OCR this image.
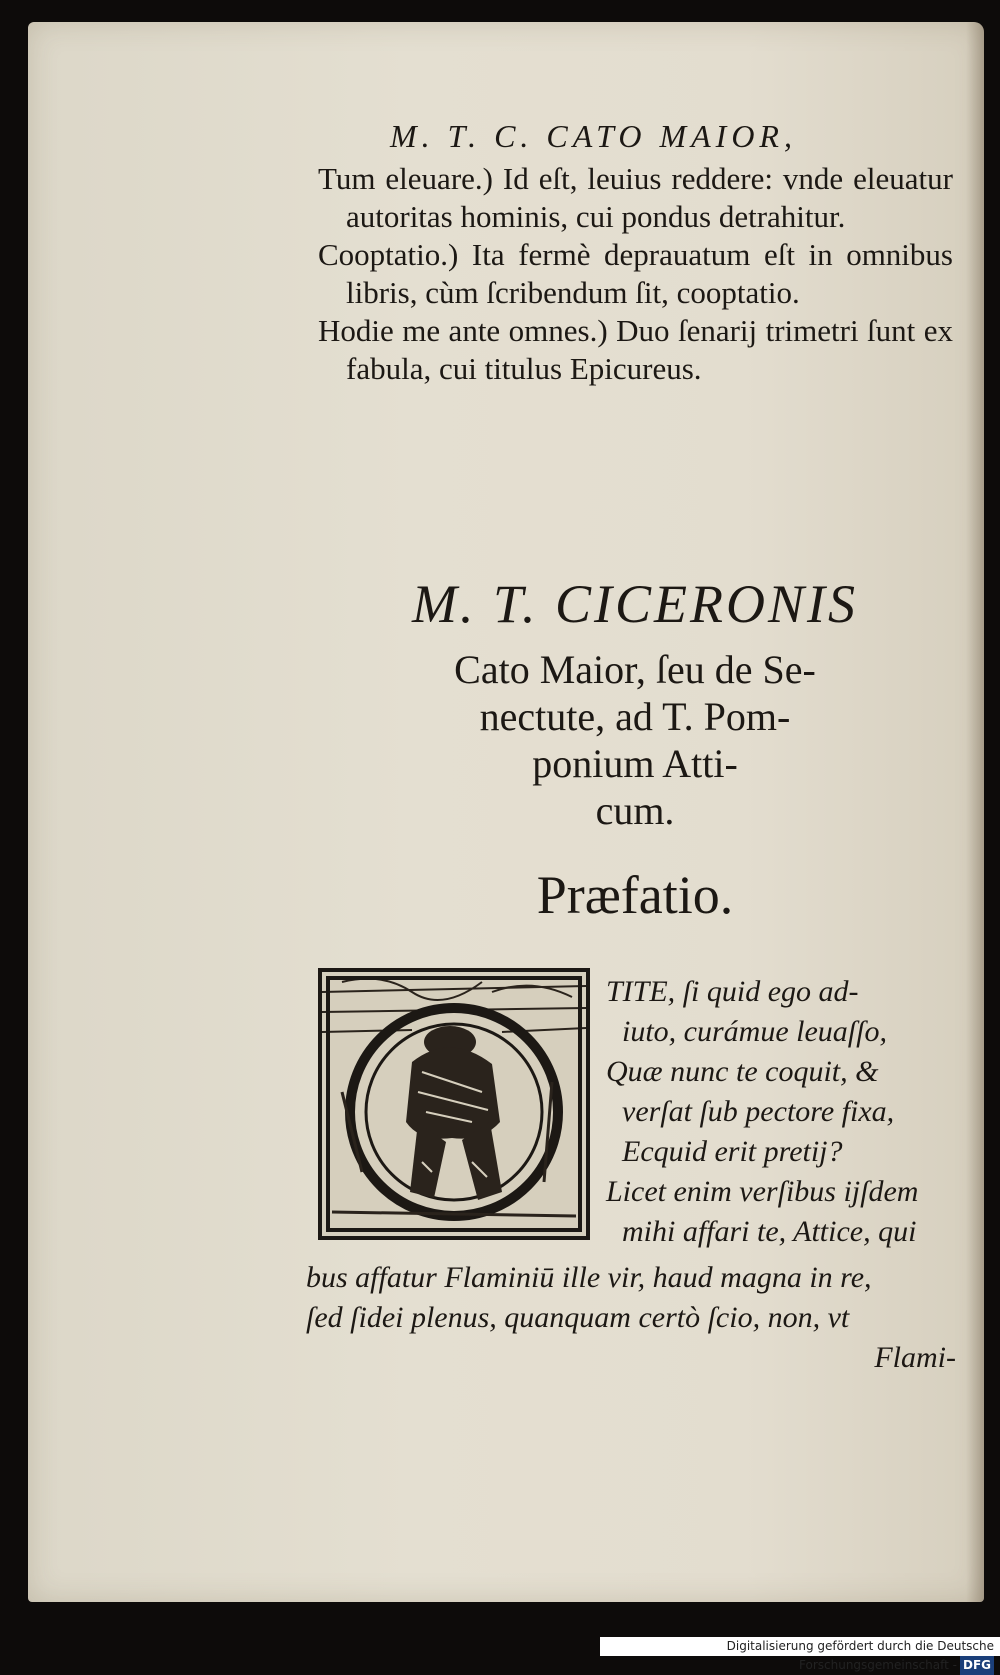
M. T. C. CATO MAIOR,

Tum eleuare.) Id eſt, leuius reddere: vnde eleuatur autoritas hominis, cui pondus detrahitur.

Cooptatio.) Ita fermè deprauatum eſt in omnibus libris, cùm ſcribendum ſit, cooptatio.

Hodie me ante omnes.) Duo ſenarij trimetri ſunt ex fabula, cui titulus Epicureus.

M. T. CICERONIS

Cato Maior, ſeu de Se-
nectute, ad T. Pom-
ponium Atti-
cum.

Præfatio.

TITE, ſi quid ego ad-
iuto, curámue leuaſſo,
Quæ nunc te coquit, &
verſat ſub pectore fixa,
Ecquid erit pretij?
Licet enim verſibus ijſdem
mihi affari te, Attice, qui

bus affatur Flaminiū ille vir, haud magna in re,
ſed ſidei plenus, quanquam certò ſcio, non, vt
Flami-

Digitalisierung gefördert durch die Deutsche Forschungsgemeinschaft - DFG
